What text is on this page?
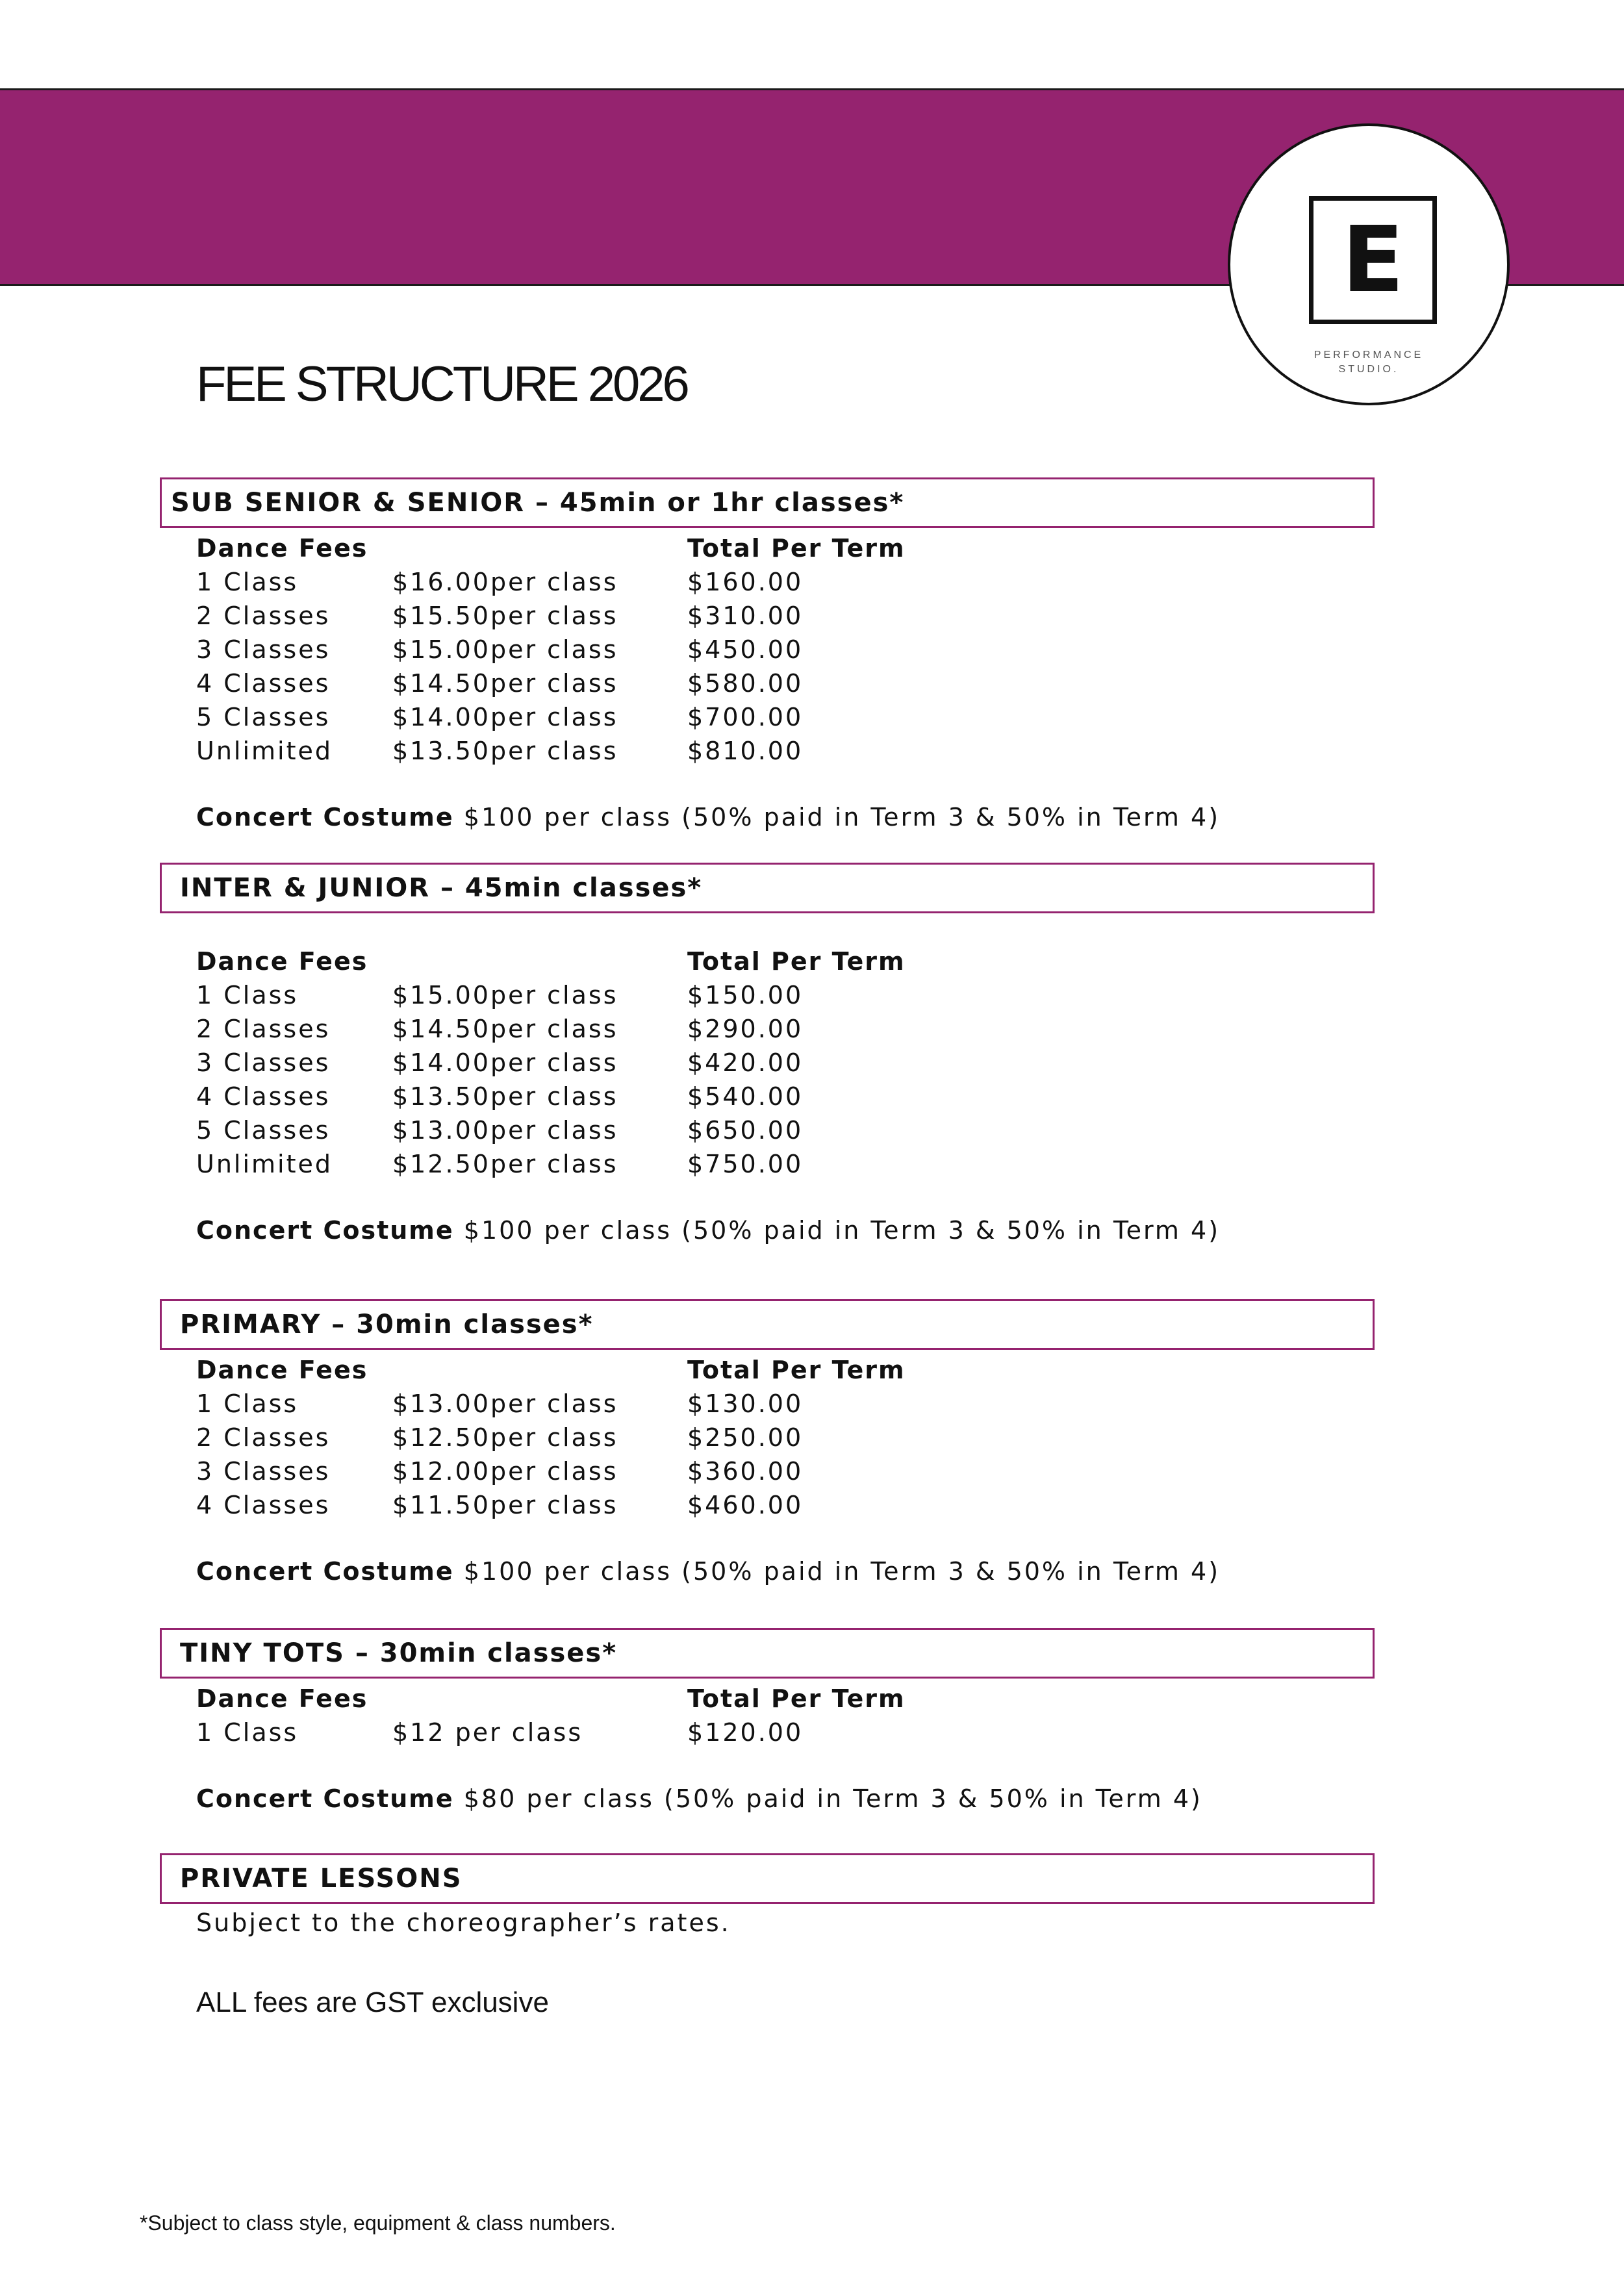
E
PERFORMANCE
STUDIO.
FEE STRUCTURE 2026
SUB SENIOR & SENIOR – 45min or 1hr classes*
Dance Fees	Total Per Term
1 Class	$16.00per class	$160.00
2 Classes	$15.50per class	$310.00
3 Classes	$15.00per class	$450.00
4 Classes	$14.50per class	$580.00
5 Classes	$14.00per class	$700.00
Unlimited $13.50per class	$810.00
Concert Costume $100 per class (50% paid in Term 3 & 50% in Term 4)
INTER & JUNIOR – 45min classes*
Dance Fees	Total Per Term
1 Class	$15.00per class	$150.00
2 Classes	$14.50per class	$290.00
3 Classes	$14.00per class	$420.00
4 Classes	$13.50per class	$540.00
5 Classes	$13.00per class	$650.00
Unlimited $12.50per class	$750.00
Concert Costume $100 per class (50% paid in Term 3 & 50% in Term 4)
PRIMARY – 30min classes*
Dance Fees	Total Per Term
1 Class	$13.00per class	$130.00
2 Classes	$12.50per class	$250.00
3 Classes	$12.00per class	$360.00
4 Classes	$11.50per class	$460.00
Concert Costume $100 per class (50% paid in Term 3 & 50% in Term 4)
TINY TOTS – 30min classes*
Dance Fees	Total Per Term
1 Class	$12 per class	$120.00
Concert Costume $80 per class (50% paid in Term 3 & 50% in Term 4)
PRIVATE LESSONS
Subject to the choreographer’s rates.
ALL fees are GST exclusive
*Subject to class style, equipment & class numbers.
